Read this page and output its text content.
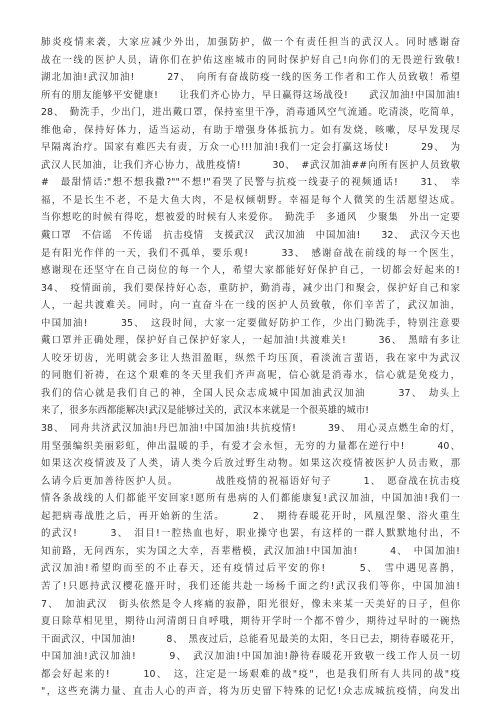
肺炎疫情来袭，大家应减少外出，加强防护，做一个有责任担当的武汉人。同时感谢奋
战在一线的医护人员，请你们在护佑这座城市的同时保护好自己!向你们的无畏逆行致敬!
湖北加油!武汉加油!　　　27、　向所有奋战防疫一线的医务工作者和工作人员致敬！希望
所有的朋友能够平安健康!　　让我们齐心协力，早日赢得这场战役!　　武汉加油!中国加油!
28、　勤洗手，少出门，进出戴口罩，保持室里干净，消毒通风空气流通。吃清淡，吃简单，
维他命，保持好体力，适当运动，有助于增强身体抵抗力。如有发烧，咳嗽，尽早发现尽
早隔离治疗。国家有难匹夫有责，万众一心!!!加油!我们一定会打赢这场仗!　　　29、　为
武汉人民加油，让我们齐心协力，战胜疫情!　　　30、　#武汉加油##向所有医护人员致敬
#　最甜情话:"想不想我撒?""不想!"看哭了民警与抗疫一线妻子的视频通话!　　31、　幸
福，不是长生不老，不是大鱼大肉，不是权倾朝野。幸福是每个人微笑的生活愿望达成。
当你想吃的时候有得吃，想被爱的时候有人来爱你。　勤洗手　多通风　少聚集　外出一定要
戴口罩　不信谣　不传谣　抗击疫情　支援武汉　武汉加油　中国加油!　　32、　武汉今天也
是有阳光作伴的一天，我们不孤单，要乐观!　　　33、　感谢奋战在前线的每一个医生，
感谢现在还坚守在自己岗位的每一个人，希望大家都能好好保护自己，一切都会好起来的!
34、　疫情面前，我们要保持好心态，重防护，勤消毒，减少出门和聚会，保护好自己和家
人，一起共渡难关。同时，向一直奋斗在一线的医护人员致敬，你们辛苦了，武汉加油，
中国加油!　　　35、　这段时间，大家一定要做好防护工作，少出门勤洗手，特别注意要
戴口罩并正确处理，保护好自己保护好家人，一起加油!共渡难关!　　　36、　黑暗有多让
人咬牙切齿，光明就会多让人热泪盈眶，纵然千均压顶，看淡流言蜚语，我在家中为武汉
的同胞们祈祷，在这个艰难的冬天里我们齐声高呢，信心就是消毒水，信心就是免疫力，
我们的信心就是我们自己的神，全国人民众志成城中国加油武汉加油　　　37、　劫头上
来了，很多东西都能解决!武汉是能够过关的，武汉本来就是一个很英雄的城市!
38、　同舟共济武汉加油!丹巴加油!中国加油!共抗疫情!　　　39、　用心灵点燃生命的灯，
用坚强编织美丽彩虹，伸出温暖的手，有爱才会永恒，无穷的力量都在逆行中!　　　40、
如果这次疫情波及了人类，请人类今后放过野生动物。如果这次疫情被医护人员击败，那
么请今后更加善待医护人员。　　　　战胜疫情的祝福语好句子　　　1、　愿奋战在抗击疫
情各条战线的人们都能平安回家!愿所有患病的人们都能康复!武汉加油，中国加油!我们一
起把病毒战胜之后，再开始新的生活。　　　2、　期待春暖花开时，风凰涅槃、浴火重生
的武汉!　　　3、　泪目!一腔热血也好，职业操守也罢，有这样的一群人默默地付出，不
知前路，无问西东，实为国之大幸，吾辈楷模，武汉加油!中国加油!　　　4、　中国加油!
武汉加油!希望昀而至的不止春天，还有疫情过后平安的你!　　　5、　雪中遇见喜鹊，
苦了!只愿持武汉樱花盛开时，我们还能共赴一场杨千面之约!武汉我们等你，中国加油!
7、　加油武汉　街头依然是令人疼痛的寂静，阳光很好，像未来某一天美好的日子，但你
夏日除草相见里，期待山河清朗日自呼哦，期待开学时一个都不曾少，期待过早时的一碗热
干面武汉，中国加油!　　　8、　黑夜过后，总能看见最美的太阳，冬日已去，期待春暖花开，
中国加油!武汉加油!　　　9、　武汉加油!中国加油!静待春暖花开致敬一线工作人员一切
都会好起来的!　　　10、　这，注定是一场艰难的战"疫"，也是我们所有人共同的战"疫
"，这些充满力量、直击人心的声音，将为历史留下特殊的记忆!众志成城抗疫情，向发出
